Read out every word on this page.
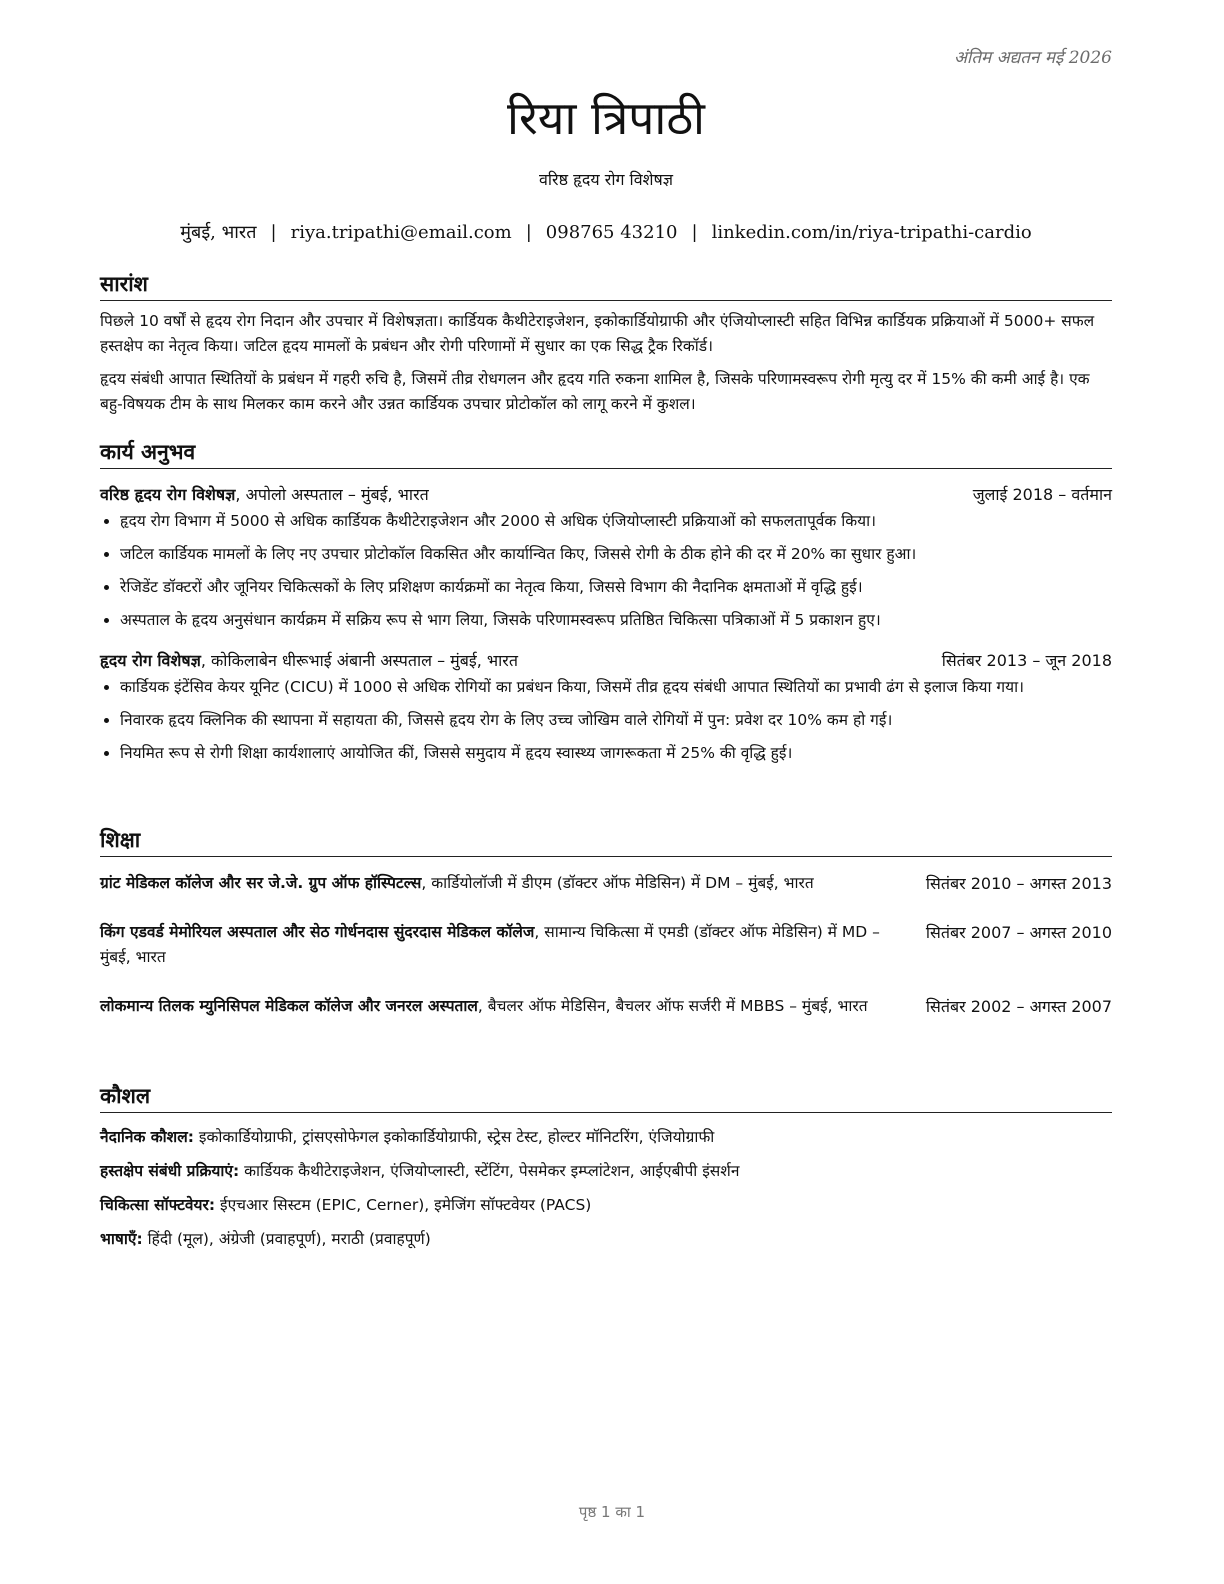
अंतिम अद्यतन मई 2026
रिया त्रिपाठी
वरिष्ठ हृदय रोग विशेषज्ञ
मुंबई, भारत | riya.tripathi@email.com | 098765 43210 | linkedin.com/in/riya-tripathi-cardio
सारांश

पिछले 10 वर्षों से हृदय रोग निदान और उपचार में विशेषज्ञता। कार्डियक कैथीटेराइजेशन, इकोकार्डियोग्राफी और एंजियोप्लास्टी सहित विभिन्न कार्डियक प्रक्रियाओं में 5000+ सफल हस्तक्षेप का नेतृत्व किया। जटिल हृदय मामलों के प्रबंधन और रोगी परिणामों में सुधार का एक सिद्ध ट्रैक रिकॉर्ड।

हृदय संबंधी आपात स्थितियों के प्रबंधन में गहरी रुचि है, जिसमें तीव्र रोधगलन और हृदय गति रुकना शामिल है, जिसके परिणामस्वरूप रोगी मृत्यु दर में 15% की कमी आई है। एक बहु-विषयक टीम के साथ मिलकर काम करने और उन्नत कार्डियक उपचार प्रोटोकॉल को लागू करने में कुशल।

कार्य अनुभव
वरिष्ठ हृदय रोग विशेषज्ञ, अपोलो अस्पताल – मुंबई, भारत	जुलाई 2018 – वर्तमान
• हृदय रोग विभाग में 5000 से अधिक कार्डियक कैथीटेराइजेशन और 2000 से अधिक एंजियोप्लास्टी प्रक्रियाओं को सफलतापूर्वक किया।
• जटिल कार्डियक मामलों के लिए नए उपचार प्रोटोकॉल विकसित और कार्यान्वित किए, जिससे रोगी के ठीक होने की दर में 20% का सुधार हुआ।
• रेजिडेंट डॉक्टरों और जूनियर चिकित्सकों के लिए प्रशिक्षण कार्यक्रमों का नेतृत्व किया, जिससे विभाग की नैदानिक क्षमताओं में वृद्धि हुई।
• अस्पताल के हृदय अनुसंधान कार्यक्रम में सक्रिय रूप से भाग लिया, जिसके परिणामस्वरूप प्रतिष्ठित चिकित्सा पत्रिकाओं में 5 प्रकाशन हुए।
हृदय रोग विशेषज्ञ, कोकिलाबेन धीरूभाई अंबानी अस्पताल – मुंबई, भारत	सितंबर 2013 – जून 2018
• कार्डियक इंटेंसिव केयर यूनिट (CICU) में 1000 से अधिक रोगियों का प्रबंधन किया, जिसमें तीव्र हृदय संबंधी आपात स्थितियों का प्रभावी ढंग से इलाज किया गया।
• निवारक हृदय क्लिनिक की स्थापना में सहायता की, जिससे हृदय रोग के लिए उच्च जोखिम वाले रोगियों में पुन: प्रवेश दर 10% कम हो गई।
• नियमित रूप से रोगी शिक्षा कार्यशालाएं आयोजित कीं, जिससे समुदाय में हृदय स्वास्थ्य जागरूकता में 25% की वृद्धि हुई।
शिक्षा
ग्रांट मेडिकल कॉलेज और सर जे.जे. ग्रुप ऑफ हॉस्पिटल्स, कार्डियोलॉजी में डीएम (डॉक्टर ऑफ मेडिसिन) में DM – मुंबई, भारत	सितंबर 2010 – अगस्त 2013
किंग एडवर्ड मेमोरियल अस्पताल और सेठ गोर्धनदास सुंदरदास मेडिकल कॉलेज, सामान्य चिकित्सा में एमडी (डॉक्टर ऑफ मेडिसिन) में MD – मुंबई, भारत
सितंबर 2007 – अगस्त 2010
लोकमान्य तिलक म्युनिसिपल मेडिकल कॉलेज और जनरल अस्पताल, बैचलर ऑफ मेडिसिन, बैचलर ऑफ सर्जरी में MBBS – मुंबई, भारत	सितंबर 2002 – अगस्त 2007
कौशल
नैदानिक कौशल: इकोकार्डियोग्राफी, ट्रांसएसोफेगल इकोकार्डियोग्राफी, स्ट्रेस टेस्ट, होल्टर मॉनिटरिंग, एंजियोग्राफी
हस्तक्षेप संबंधी प्रक्रियाएं: कार्डियक कैथीटेराइजेशन, एंजियोप्लास्टी, स्टेंटिंग, पेसमेकर इम्प्लांटेशन, आईएबीपी इंसर्शन
चिकित्सा सॉफ्टवेयर: ईएचआर सिस्टम (EPIC, Cerner), इमेजिंग सॉफ्टवेयर (PACS)
भाषाएँ: हिंदी (मूल), अंग्रेजी (प्रवाहपूर्ण), मराठी (प्रवाहपूर्ण)
पृष्ठ 1 का 1
